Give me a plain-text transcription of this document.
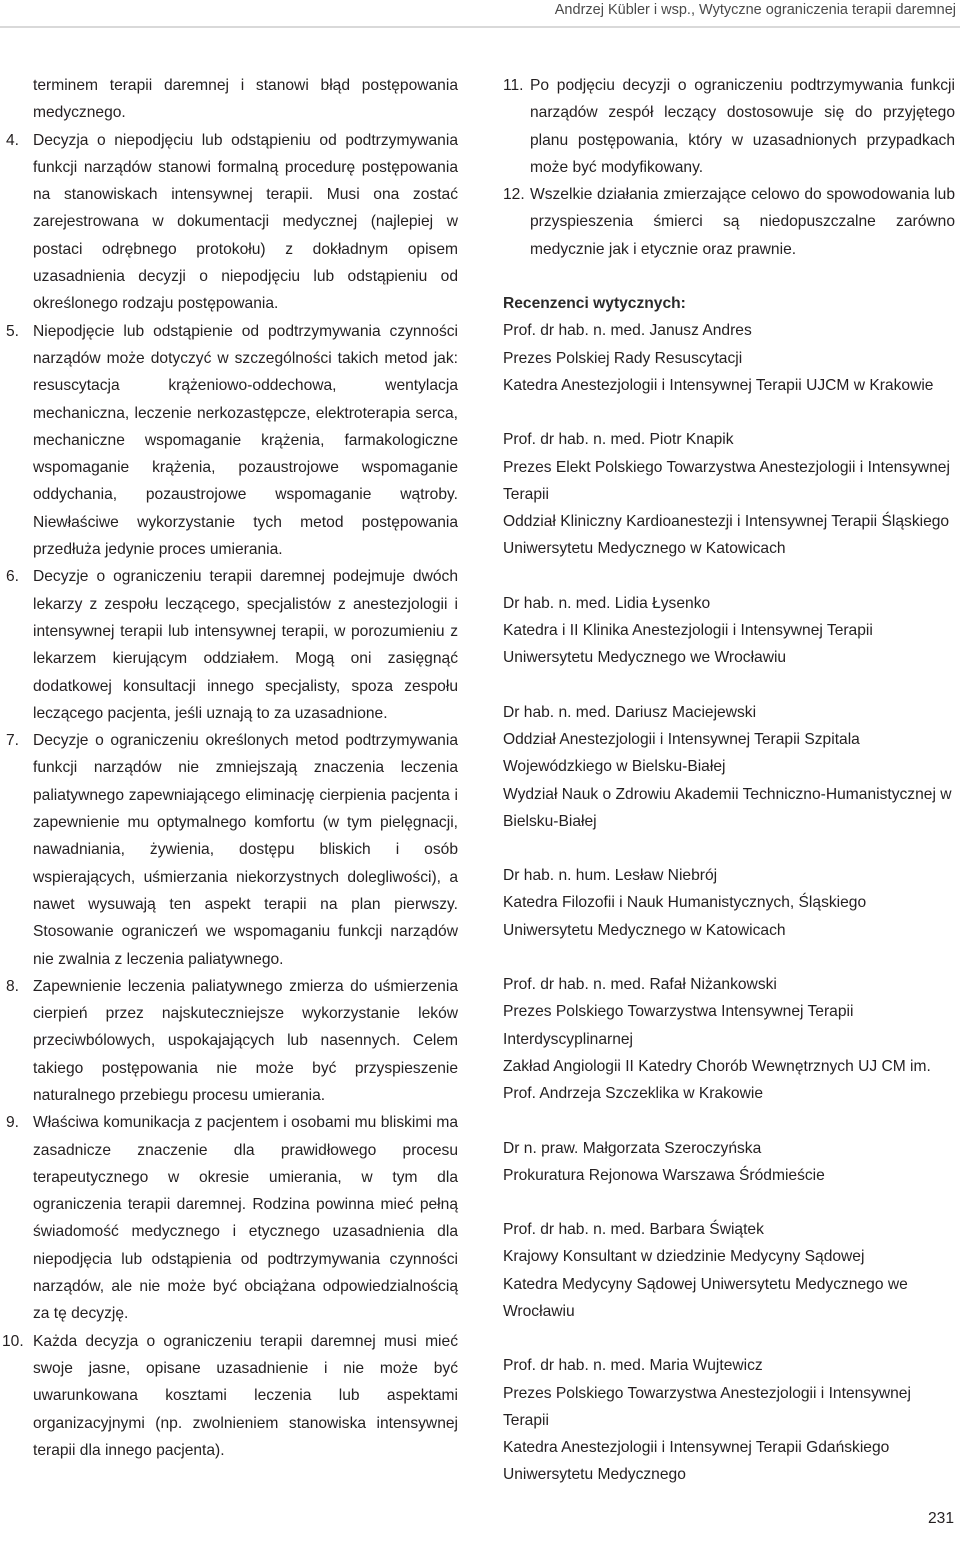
Andrzej Kübler i wsp., Wytyczne ograniczenia terapii daremnej

terminem terapii daremnej i stanowi błąd postępowania medycznego.

4. Decyzja o niepodjęciu lub odstąpieniu od podtrzymywania funkcji narządów stanowi formalną procedurę postępowania na stanowiskach intensywnej terapii. Musi ona zostać zarejestrowana w dokumentacji medycznej (najlepiej w postaci odrębnego protokołu) z dokładnym opisem uzasadnienia decyzji o niepodjęciu lub odstąpieniu od określonego rodzaju postępowania.
5. Niepodjęcie lub odstąpienie od podtrzymywania czynności narządów może dotyczyć w szczególności takich metod jak: resuscytacja krążeniowo-oddechowa, wentylacja mechaniczna, leczenie nerkozastępcze, elektroterapia serca, mechaniczne wspomaganie krążenia, farmakologiczne wspomaganie krążenia, pozaustrojowe wspomaganie oddychania, pozaustrojowe wspomaganie wątroby. Niewłaściwe wykorzystanie tych metod postępowania przedłuża jedynie proces umierania.
6. Decyzje o ograniczeniu terapii daremnej podejmuje dwóch lekarzy z zespołu leczącego, specjalistów z anestezjologii i intensywnej terapii lub intensywnej terapii, w porozumieniu z lekarzem kierującym oddziałem. Mogą oni zasięgnąć dodatkowej konsultacji innego specjalisty, spoza zespołu leczącego pacjenta, jeśli uznają to za uzasadnione.
7. Decyzje o ograniczeniu określonych metod podtrzymywania funkcji narządów nie zmniejszają znaczenia leczenia paliatywnego zapewniającego eliminację cierpienia pacjenta i zapewnienie mu optymalnego komfortu (w tym pielęgnacji, nawadniania, żywienia, dostępu bliskich i osób wspierających, uśmierzania niekorzystnych dolegliwości), a nawet wysuwają ten aspekt terapii na plan pierwszy. Stosowanie ograniczeń we wspomaganiu funkcji narządów nie zwalnia z leczenia paliatywnego.
8. Zapewnienie leczenia paliatywnego zmierza do uśmierzenia cierpień przez najskuteczniejsze wykorzystanie leków przeciwbólowych, uspokajających lub nasennych. Celem takiego postępowania nie może być przyspieszenie naturalnego przebiegu procesu umierania.
9. Właściwa komunikacja z pacjentem i osobami mu bliskimi ma zasadnicze znaczenie dla prawidłowego procesu terapeutycznego w okresie umierania, w tym dla ograniczenia terapii daremnej. Rodzina powinna mieć pełną świadomość medycznego i etycznego uzasadnienia dla niepodjęcia lub odstąpienia od podtrzymywania czynności narządów, ale nie może być obciążana odpowiedzialnością za tę decyzję.
10. Każda decyzja o ograniczeniu terapii daremnej musi mieć swoje jasne, opisane uzasadnienie i nie może być uwarunkowana kosztami leczenia lub aspektami organizacyjnymi (np. zwolnieniem stanowiska intensywnej terapii dla innego pacjenta).
11. Po podjęciu decyzji o ograniczeniu podtrzymywania funkcji narządów zespół leczący dostosowuje się do przyjętego planu postępowania, który w uzasadnionych przypadkach może być modyfikowany.
12. Wszelkie działania zmierzające celowo do spowodowania lub przyspieszenia śmierci są niedopuszczalne zarówno medycznie jak i etycznie oraz prawnie.
Recenzenci wytycznych:
Prof. dr hab. n. med. Janusz Andres
Prezes Polskiej Rady Resuscytacji
Katedra Anestezjologii i Intensywnej Terapii UJCM w Krakowie
Prof. dr hab. n. med. Piotr Knapik
Prezes Elekt Polskiego Towarzystwa Anestezjologii i Intensywnej Terapii
Oddział Kliniczny Kardioanestezji i Intensywnej Terapii Śląskiego Uniwersytetu Medycznego w Katowicach
Dr hab. n. med. Lidia Łysenko
Katedra i II Klinika Anestezjologii i Intensywnej Terapii Uniwersytetu Medycznego we Wrocławiu
Dr hab. n. med. Dariusz Maciejewski
Oddział Anestezjologii i Intensywnej Terapii Szpitala Wojewódzkiego w Bielsku-Białej
Wydział Nauk o Zdrowiu Akademii Techniczno-Humanistycznej w Bielsku-Białej
Dr hab. n. hum. Lesław Niebrój
Katedra Filozofii i Nauk Humanistycznych, Śląskiego Uniwersytetu Medycznego w Katowicach
Prof. dr hab. n. med. Rafał Niżankowski
Prezes Polskiego Towarzystwa Intensywnej Terapii Interdyscyplinarnej
Zakład Angiologii II Katedry Chorób Wewnętrznych UJ CM im. Prof. Andrzeja Szczeklika w Krakowie
Dr n. praw. Małgorzata Szeroczyńska
Prokuratura Rejonowa Warszawa Śródmieście
Prof. dr hab. n. med. Barbara Świątek
Krajowy Konsultant w dziedzinie Medycyny Sądowej
Katedra Medycyny Sądowej Uniwersytetu Medycznego we Wrocławiu
Prof. dr hab. n. med. Maria Wujtewicz
Prezes Polskiego Towarzystwa Anestezjologii i Intensywnej Terapii
Katedra Anestezjologii i Intensywnej Terapii Gdańskiego Uniwersytetu Medycznego
231
